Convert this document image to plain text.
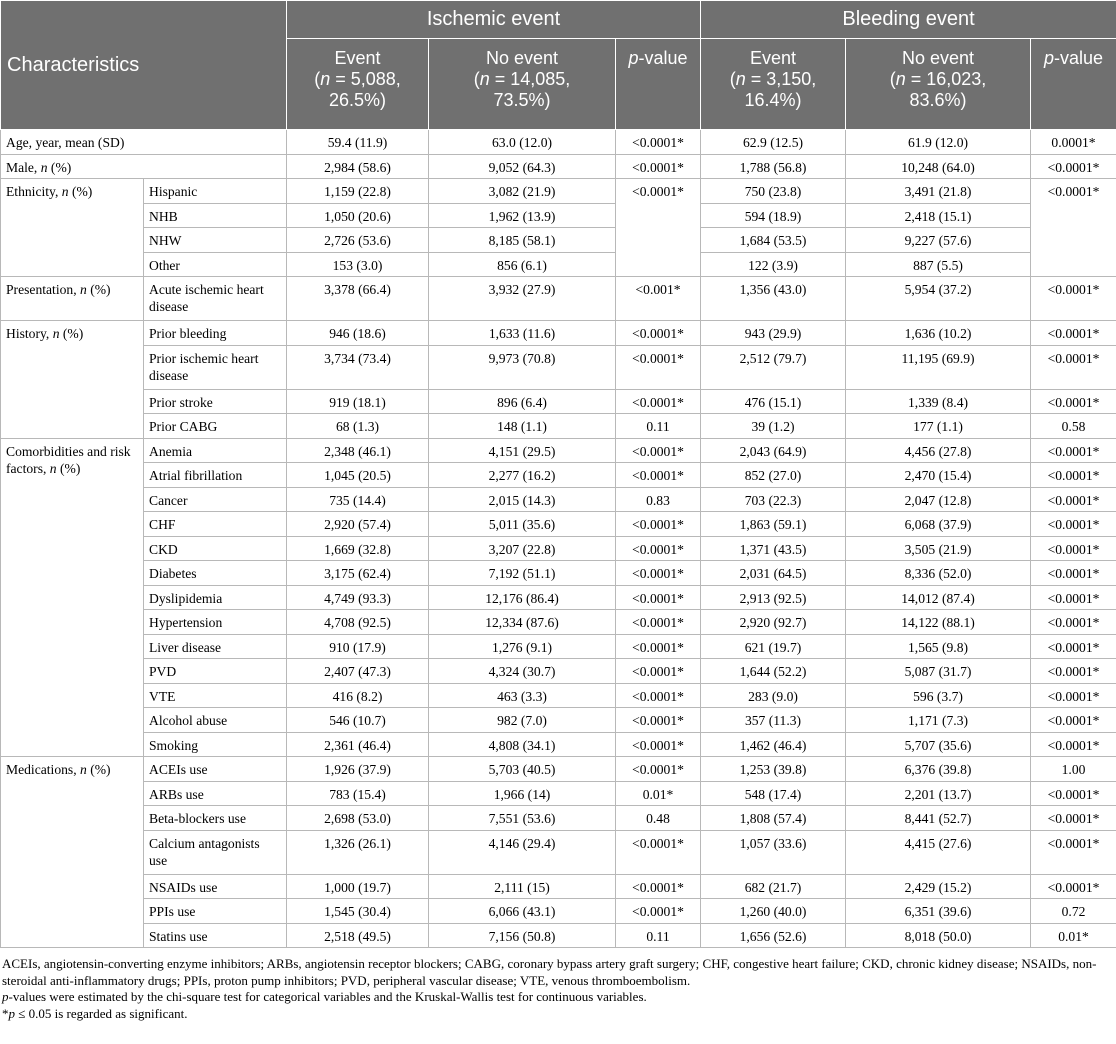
Characteristics		Ischemic event			Bleeding event		
		Event
(n = 5,088,
26.5%)	No event
(n = 14,085,
73.5%)	p-value	Event
(n = 3,150,
16.4%)	No event
(n = 16,023,
83.6%)	p-value
Age, year, mean (SD)		59.4 (11.9)	63.0 (12.0)	<0.0001*	62.9 (12.5)	61.9 (12.0)	0.0001*
Male, n (%)		2,984 (58.6)	9,052 (64.3)	<0.0001*	1,788 (56.8)	10,248 (64.0)	<0.0001*
Ethnicity, n (%)	Hispanic	1,159 (22.8)	3,082 (21.9)	<0.0001*	750 (23.8)	3,491 (21.8)	<0.0001*
	NHB	1,050 (20.6)	1,962 (13.9)		594 (18.9)	2,418 (15.1)	
	NHW	2,726 (53.6)	8,185 (58.1)		1,684 (53.5)	9,227 (57.6)	
	Other	153 (3.0)	856 (6.1)		122 (3.9)	887 (5.5)	
Presentation, n (%)	Acute ischemic heart disease	3,378 (66.4)	3,932 (27.9)	<0.001*	1,356 (43.0)	5,954 (37.2)	<0.0001*
History, n (%)	Prior bleeding	946 (18.6)	1,633 (11.6)	<0.0001*	943 (29.9)	1,636 (10.2)	<0.0001*
	Prior ischemic heart disease	3,734 (73.4)	9,973 (70.8)	<0.0001*	2,512 (79.7)	11,195 (69.9)	<0.0001*
	Prior stroke	919 (18.1)	896 (6.4)	<0.0001*	476 (15.1)	1,339 (8.4)	<0.0001*
	Prior CABG	68 (1.3)	148 (1.1)	0.11	39 (1.2)	177 (1.1)	0.58
Comorbidities and risk factors, n (%)	Anemia	2,348 (46.1)	4,151 (29.5)	<0.0001*	2,043 (64.9)	4,456 (27.8)	<0.0001*
	Atrial fibrillation	1,045 (20.5)	2,277 (16.2)	<0.0001*	852 (27.0)	2,470 (15.4)	<0.0001*
	Cancer	735 (14.4)	2,015 (14.3)	0.83	703 (22.3)	2,047 (12.8)	<0.0001*
	CHF	2,920 (57.4)	5,011 (35.6)	<0.0001*	1,863 (59.1)	6,068 (37.9)	<0.0001*
	CKD	1,669 (32.8)	3,207 (22.8)	<0.0001*	1,371 (43.5)	3,505 (21.9)	<0.0001*
	Diabetes	3,175 (62.4)	7,192 (51.1)	<0.0001*	2,031 (64.5)	8,336 (52.0)	<0.0001*
	Dyslipidemia	4,749 (93.3)	12,176 (86.4)	<0.0001*	2,913 (92.5)	14,012 (87.4)	<0.0001*
	Hypertension	4,708 (92.5)	12,334 (87.6)	<0.0001*	2,920 (92.7)	14,122 (88.1)	<0.0001*
	Liver disease	910 (17.9)	1,276 (9.1)	<0.0001*	621 (19.7)	1,565 (9.8)	<0.0001*
	PVD	2,407 (47.3)	4,324 (30.7)	<0.0001*	1,644 (52.2)	5,087 (31.7)	<0.0001*
	VTE	416 (8.2)	463 (3.3)	<0.0001*	283 (9.0)	596 (3.7)	<0.0001*
	Alcohol abuse	546 (10.7)	982 (7.0)	<0.0001*	357 (11.3)	1,171 (7.3)	<0.0001*
	Smoking	2,361 (46.4)	4,808 (34.1)	<0.0001*	1,462 (46.4)	5,707 (35.6)	<0.0001*
Medications, n (%)	ACEIs use	1,926 (37.9)	5,703 (40.5)	<0.0001*	1,253 (39.8)	6,376 (39.8)	1.00
	ARBs use	783 (15.4)	1,966 (14)	0.01*	548 (17.4)	2,201 (13.7)	<0.0001*
	Beta-blockers use	2,698 (53.0)	7,551 (53.6)	0.48	1,808 (57.4)	8,441 (52.7)	<0.0001*
	Calcium antagonists use	1,326 (26.1)	4,146 (29.4)	<0.0001*	1,057 (33.6)	4,415 (27.6)	<0.0001*
	NSAIDs use	1,000 (19.7)	2,111 (15)	<0.0001*	682 (21.7)	2,429 (15.2)	<0.0001*
	PPIs use	1,545 (30.4)	6,066 (43.1)	<0.0001*	1,260 (40.0)	6,351 (39.6)	0.72
	Statins use	2,518 (49.5)	7,156 (50.8)	0.11	1,656 (52.6)	8,018 (50.0)	0.01*

ACEIs, angiotensin-converting enzyme inhibitors; ARBs, angiotensin receptor blockers; CABG, coronary bypass artery graft surgery; CHF, congestive heart failure; CKD, chronic kidney disease; NSAIDs, non-steroidal anti-inflammatory drugs; PPIs, proton pump inhibitors; PVD, peripheral vascular disease; VTE, venous thromboembolism.

p-values were estimated by the chi-square test for categorical variables and the Kruskal-Wallis test for continuous variables.

*p ≤ 0.05 is regarded as significant.
